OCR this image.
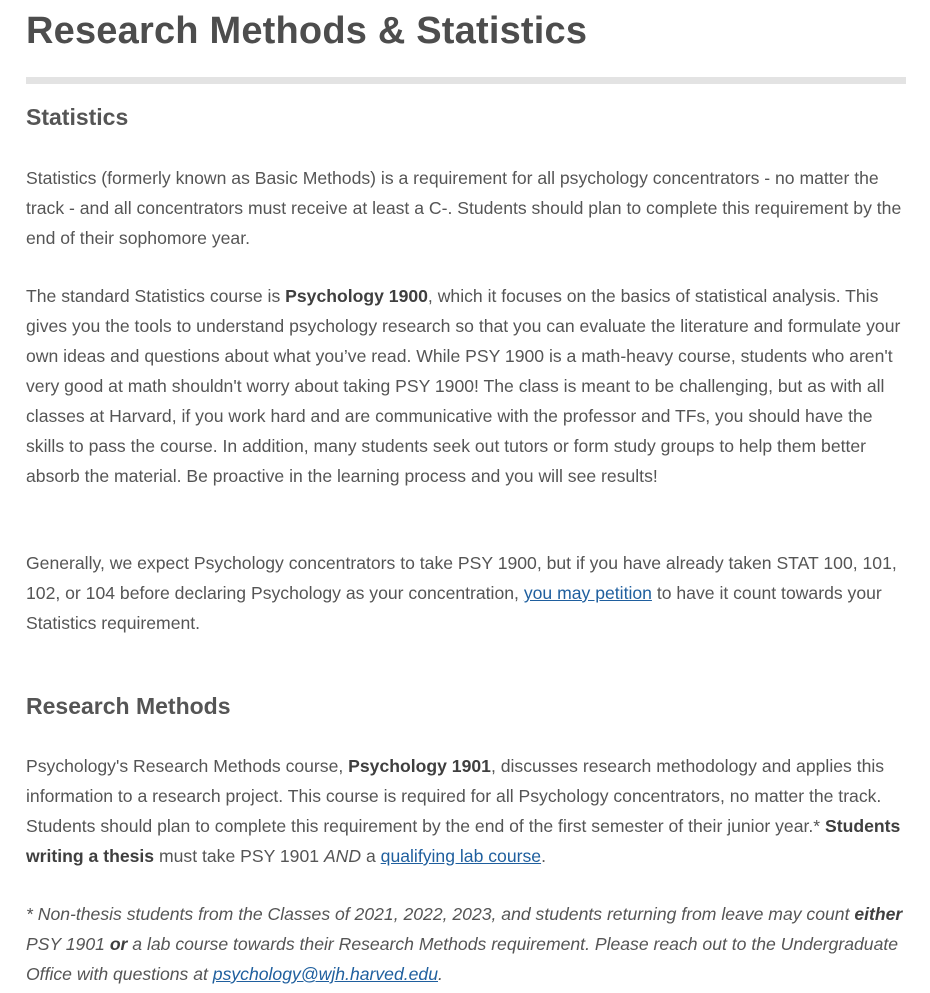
Research Methods & Statistics
Statistics

Statistics (formerly known as Basic Methods) is a requirement for all psychology concentrators - no matter the track - and all concentrators must receive at least a C-. Students should plan to complete this requirement by the end of their sophomore year.

The standard Statistics course is Psychology 1900, which it focuses on the basics of statistical analysis. This gives you the tools to understand psychology research so that you can evaluate the literature and formulate your own ideas and questions about what you’ve read. While PSY 1900 is a math-heavy course, students who aren't very good at math shouldn't worry about taking PSY 1900! The class is meant to be challenging, but as with all classes at Harvard, if you work hard and are communicative with the professor and TFs, you should have the skills to pass the course. In addition, many students seek out tutors or form study groups to help them better absorb the material. Be proactive in the learning process and you will see results!

Generally, we expect Psychology concentrators to take PSY 1900, but if you have already taken STAT 100, 101, 102, or 104 before declaring Psychology as your concentration, you may petition to have it count towards your Statistics requirement.

Research Methods

Psychology's Research Methods course, Psychology 1901, discusses research methodology and applies this information to a research project. This course is required for all Psychology concentrators, no matter the track. Students should plan to complete this requirement by the end of the first semester of their junior year.* Students writing a thesis must take PSY 1901 AND a qualifying lab course.

* Non-thesis students from the Classes of 2021, 2022, 2023, and students returning from leave may count either PSY 1901 or a lab course towards their Research Methods requirement. Please reach out to the Undergraduate Office with questions at psychology@wjh.harved.edu.
